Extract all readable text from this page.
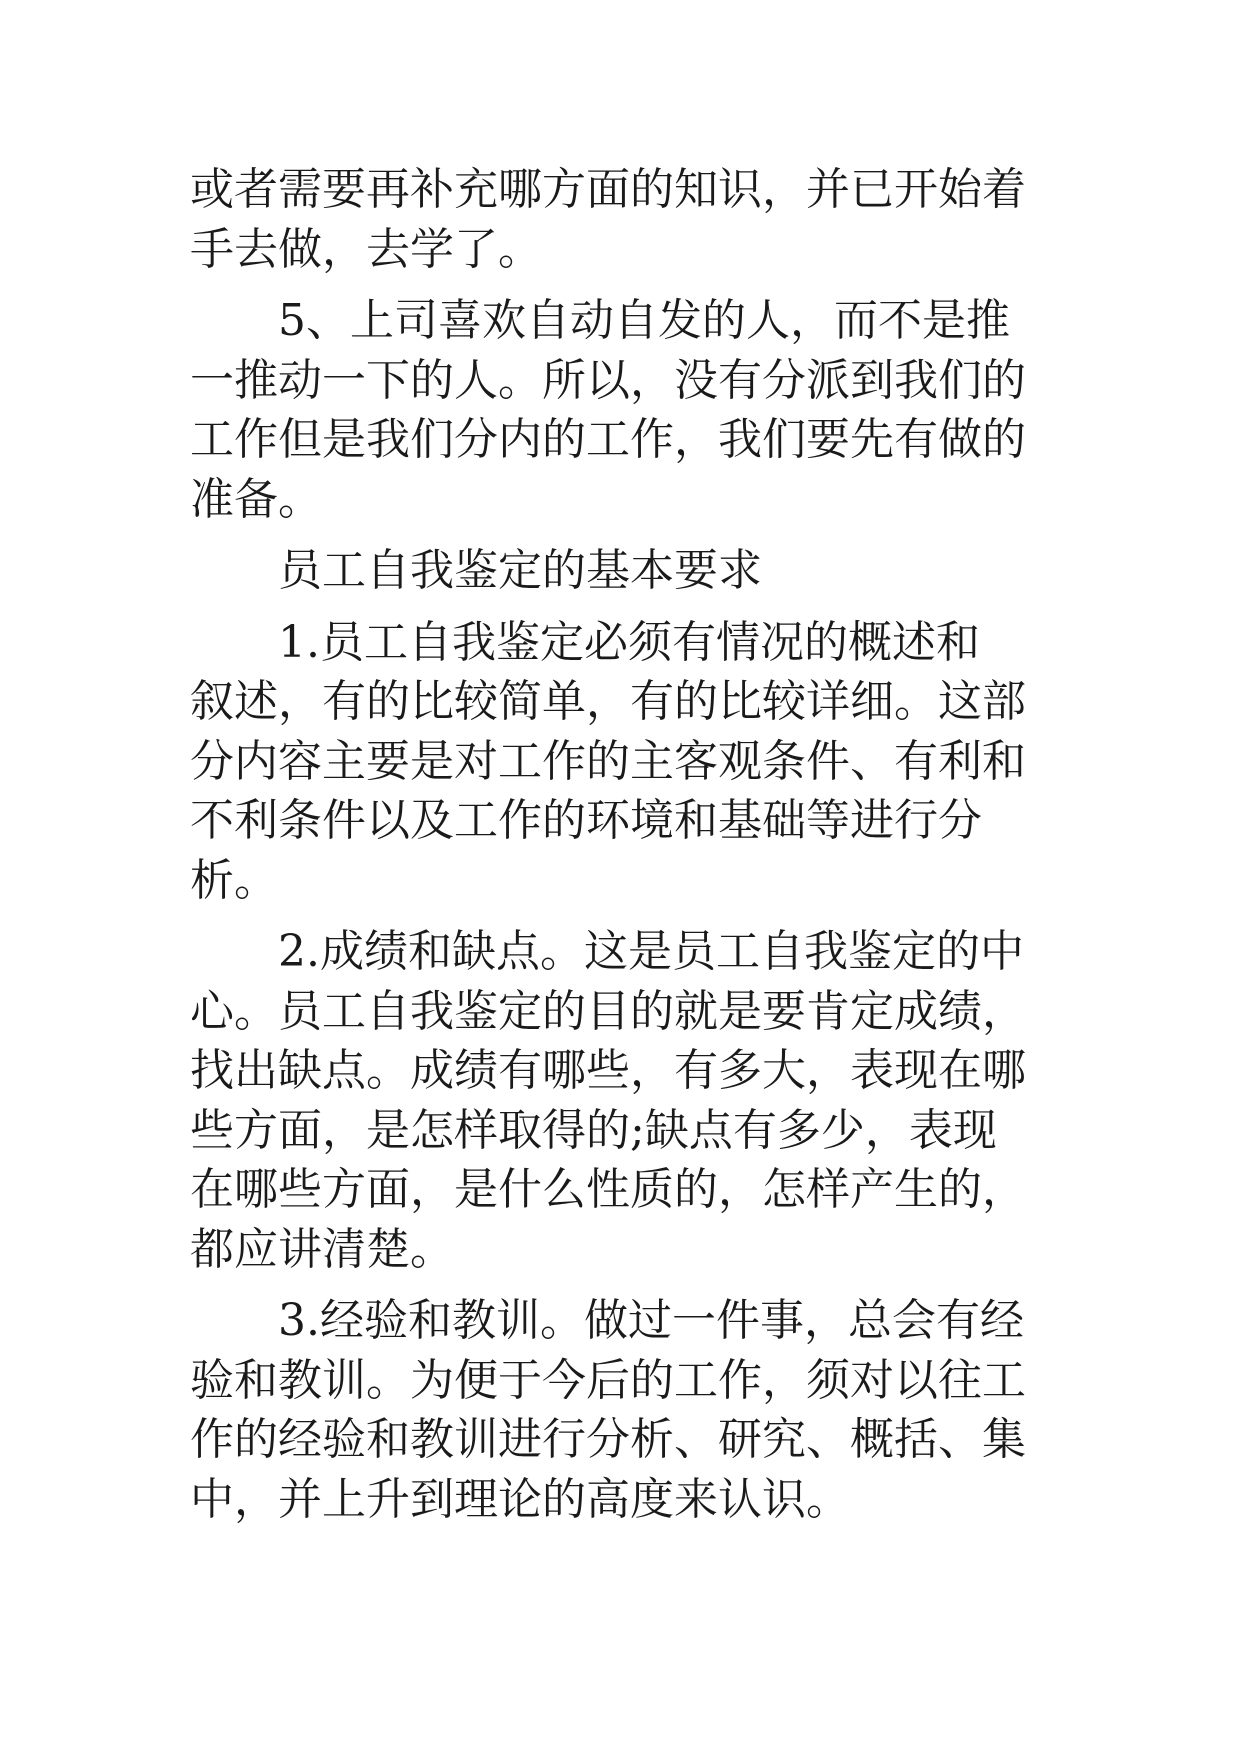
或者需要再补充哪方面的知识，并已开始着
手去做，去学了。
5、上司喜欢自动自发的人，而不是推
一推动一下的人。所以，没有分派到我们的
工作但是我们分内的工作，我们要先有做的
准备。
员工自我鉴定的基本要求
1.员工自我鉴定必须有情况的概述和
叙述，有的比较简单，有的比较详细。这部
分内容主要是对工作的主客观条件、有利和
不利条件以及工作的环境和基础等进行分
析。
2.成绩和缺点。这是员工自我鉴定的中
心。员工自我鉴定的目的就是要肯定成绩，
找出缺点。成绩有哪些，有多大，表现在哪
些方面，是怎样取得的;缺点有多少，表现
在哪些方面，是什么性质的，怎样产生的，
都应讲清楚。
3.经验和教训。做过一件事，总会有经
验和教训。为便于今后的工作，须对以往工
作的经验和教训进行分析、研究、概括、集
中，并上升到理论的高度来认识。
